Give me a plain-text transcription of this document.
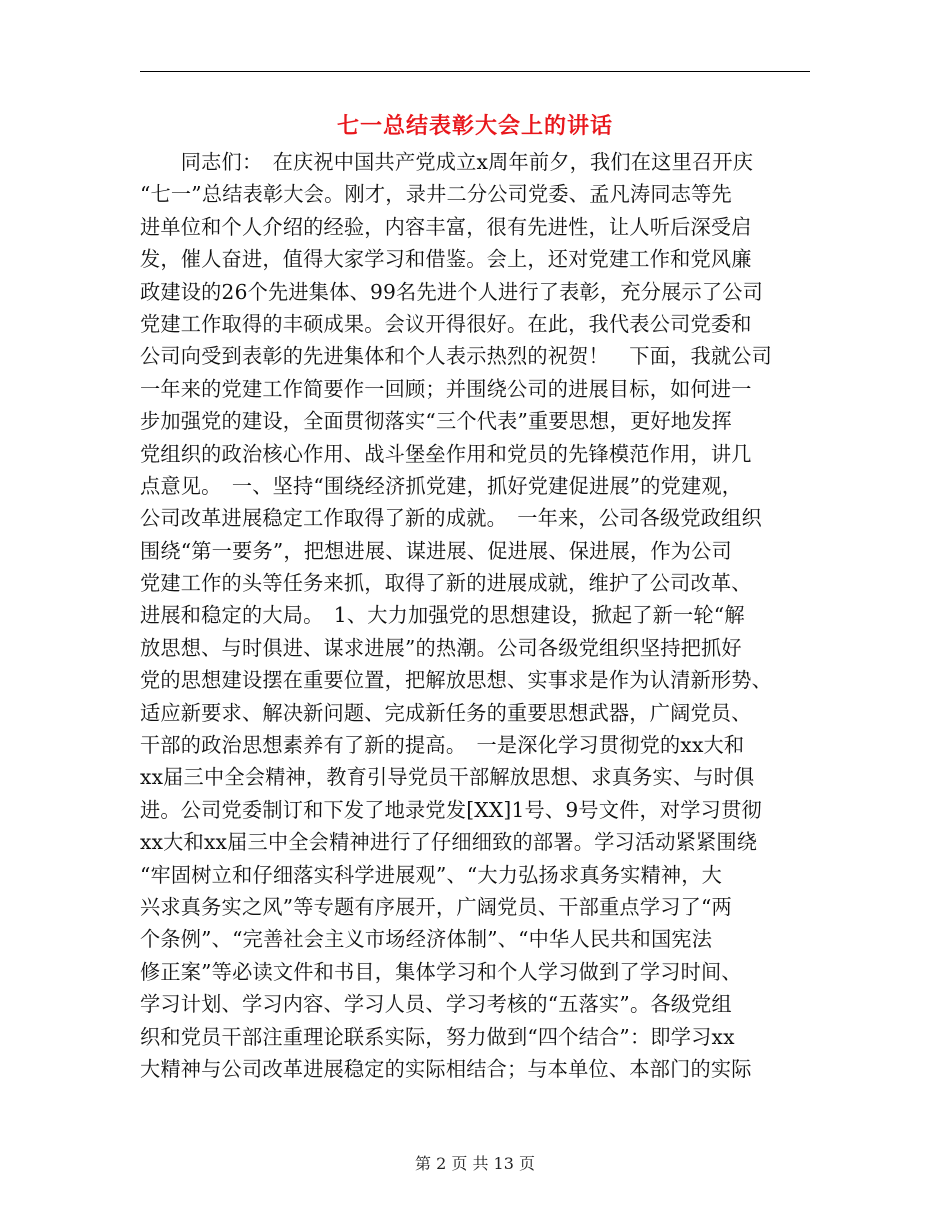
七一总结表彰大会上的讲话
　　同志们：　在庆祝中国共产党成立x周年前夕，我们在这里召开庆
“七一”总结表彰大会。刚才，录井二分公司党委、孟凡涛同志等先
进单位和个人介绍的经验，内容丰富，很有先进性，让人听后深受启
发，催人奋进，值得大家学习和借鉴。会上，还对党建工作和党风廉
政建设的26个先进集体、99名先进个人进行了表彰，充分展示了公司
党建工作取得的丰硕成果。会议开得很好。在此，我代表公司党委和
公司向受到表彰的先进集体和个人表示热烈的祝贺！　下面，我就公司
一年来的党建工作简要作一回顾；并围绕公司的进展目标，如何进一
步加强党的建设，全面贯彻落实“三个代表”重要思想，更好地发挥
党组织的政治核心作用、战斗堡垒作用和党员的先锋模范作用，讲几
点意见。　一、坚持“围绕经济抓党建，抓好党建促进展”的党建观，
公司改革进展稳定工作取得了新的成就。　一年来，公司各级党政组织
围绕“第一要务”，把想进展、谋进展、促进展、保进展，作为公司
党建工作的头等任务来抓，取得了新的进展成就，维护了公司改革、
进展和稳定的大局。　1、大力加强党的思想建设，掀起了新一轮“解
放思想、与时俱进、谋求进展”的热潮。公司各级党组织坚持把抓好
党的思想建设摆在重要位置，把解放思想、实事求是作为认清新形势、
适应新要求、解决新问题、完成新任务的重要思想武器，广阔党员、
干部的政治思想素养有了新的提高。　一是深化学习贯彻党的xx大和
xx届三中全会精神，教育引导党员干部解放思想、求真务实、与时俱
进。公司党委制订和下发了地录党发[XX]1号、9号文件，对学习贯彻
xx大和xx届三中全会精神进行了仔细细致的部署。学习活动紧紧围绕
“牢固树立和仔细落实科学进展观”、“大力弘扬求真务实精神，大
兴求真务实之风”等专题有序展开，广阔党员、干部重点学习了“两
个条例”、“完善社会主义市场经济体制”、“中华人民共和国宪法
修正案”等必读文件和书目，集体学习和个人学习做到了学习时间、
学习计划、学习内容、学习人员、学习考核的“五落实”。各级党组
织和党员干部注重理论联系实际，努力做到“四个结合”：即学习xx
大精神与公司改革进展稳定的实际相结合；与本单位、本部门的实际
第 2 页 共 13 页
